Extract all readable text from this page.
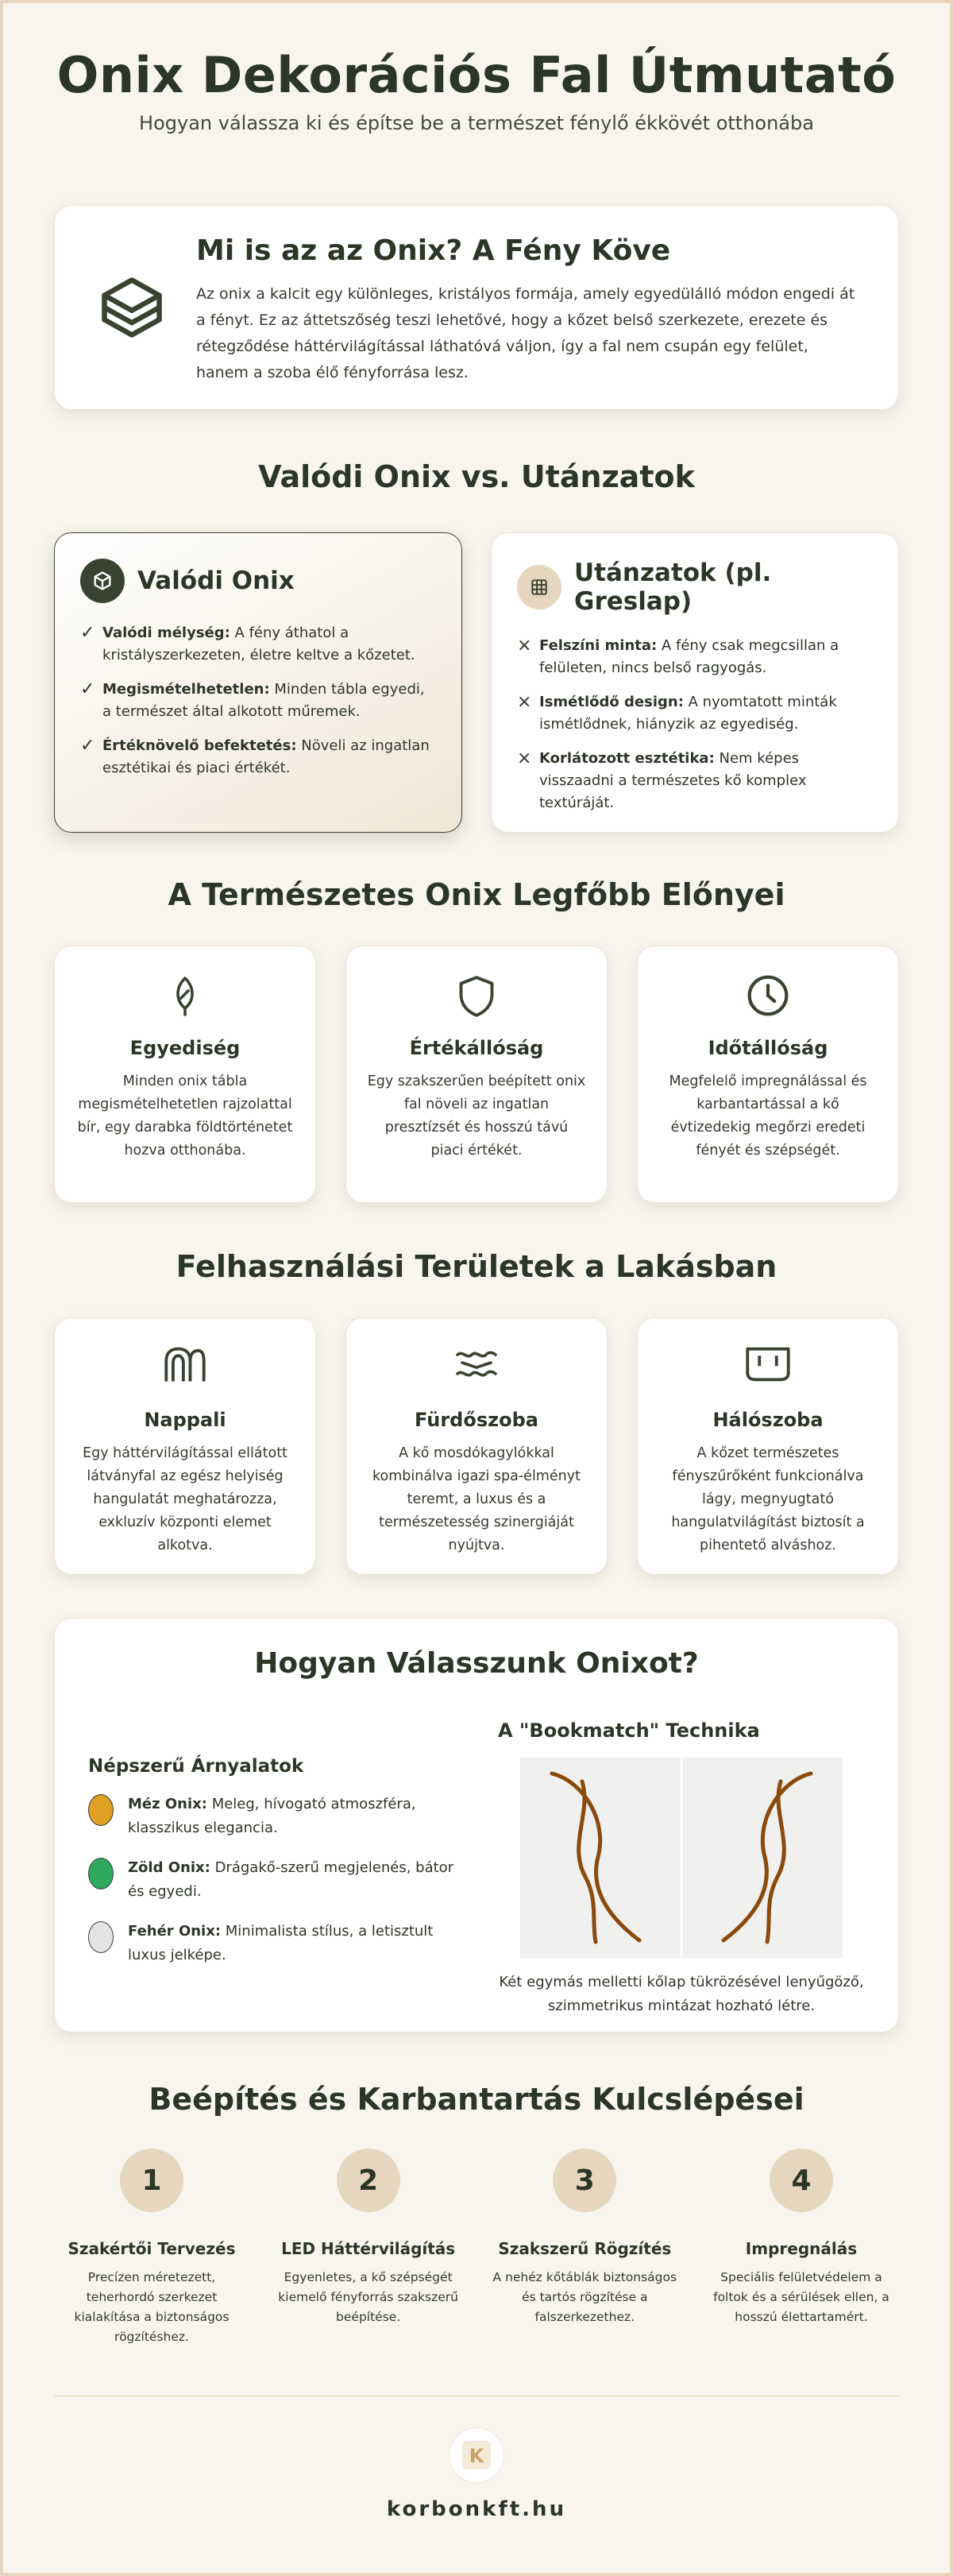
Onix Dekorációs Fal Útmutató
Hogyan válassza ki és építse be a természet fénylő ékkövét otthonába
Mi is az az Onix? A Fény Köve

Az onix a kalcit egy különleges, kristályos formája, amely egyedülálló módon engedi át a fényt. Ez az áttetszőség teszi lehetővé, hogy a kőzet belső szerkezete, erezete és rétegződése háttérvilágítással láthatóvá váljon, így a fal nem csupán egy felület, hanem a szoba élő fényforrása lesz.

Valódi Onix vs. Utánzatok
Valódi Onix
✓ Valódi mélység: A fény áthatol a kristályszerkezeten, életre keltve a kőzetet.
✓ Megismételhetetlen: Minden tábla egyedi, a természet által alkotott műremek.
✓ Értéknövelő befektetés: Növeli az ingatlan esztétikai és piaci értékét.
Utánzatok (pl. Greslap)
× Felszíni minta: A fény csak megcsillan a felületen, nincs belső ragyogás.
× Ismétlődő design: A nyomtatott minták ismétlődnek, hiányzik az egyediség.
× Korlátozott esztétika: Nem képes visszaadni a természetes kő komplex textúráját.
A Természetes Onix Legfőbb Előnyei
Egyediség

Minden onix tábla megismételhetetlen rajzolattal bír, egy darabka földtörténetet hozva otthonába.

Értékállóság

Egy szakszerűen beépített onix fal növeli az ingatlan presztízsét és hosszú távú piaci értékét.

Időtállóság

Megfelelő impregnálással és karbantartással a kő évtizedekig megőrzi eredeti fényét és szépségét.

Felhasználási Területek a Lakásban
Nappali

Egy háttérvilágítással ellátott látványfal az egész helyiség hangulatát meghatározza, exkluzív központi elemet alkotva.

Fürdőszoba

A kő mosdókagylókkal kombinálva igazi spa-élményt teremt, a luxus és a természetesség szinergiáját nyújtva.

Hálószoba

A kőzet természetes fényszűrőként funkcionálva lágy, megnyugtató hangulatvilágítást biztosít a pihentető alváshoz.

Hogyan Válasszunk Onixot?
Népszerű Árnyalatok

Méz Onix: Meleg, hívogató atmoszféra, klasszikus elegancia.

Zöld Onix: Drágakő-szerű megjelenés, bátor és egyedi.

Fehér Onix: Minimalista stílus, a letisztult luxus jelképe.

A "Bookmatch" Technika

Két egymás melletti kőlap tükrözésével lenyűgöző, szimmetrikus mintázat hozható létre.

Beépítés és Karbantartás Kulcslépései
1
Szakértői Tervezés

Precízen méretezett, teherhordó szerkezet kialakítása a biztonságos rögzítéshez.

2
LED Háttérvilágítás

Egyenletes, a kő szépségét kiemelő fényforrás szakszerű beépítése.

3
Szakszerű Rögzítés

A nehéz kőtáblák biztonságos és tartós rögzítése a falszerkezethez.

4
Impregnálás

Speciális felületvédelem a foltok és a sérülések ellen, a hosszú élettartamért.

K
korbonkft.hu
